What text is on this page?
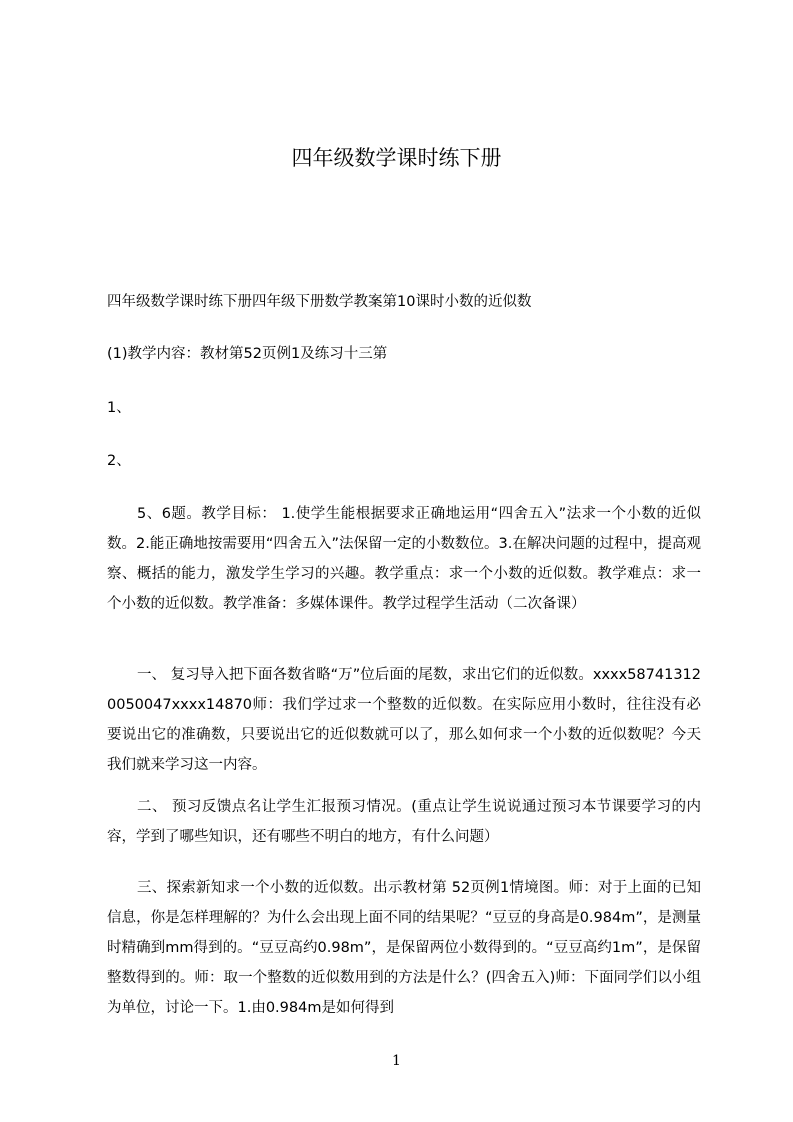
四年级数学课时练下册
四年级数学课时练下册四年级下册数学教案第10课时小数的近似数
(1)教学内容：教材第52页例1及练习十三第
1、
2、
5、6题。教学目标： 1.使学生能根据要求正确地运用“四舍五入”法求一个小数的近似数。2.能正确地按需要用“四舍五入”法保留一定的小数数位。3.在解决问题的过程中，提高观察、概括的能力，激发学生学习的兴趣。教学重点：求一个小数的近似数。教学难点：求一个小数的近似数。教学准备：多媒体课件。教学过程学生活动（二次备课）
一、 复习导入把下面各数省略“万”位后面的尾数，求出它们的近似数。xxxx587413120050047xxxx14870师：我们学过求一个整数的近似数。在实际应用小数时，往往没有必要说出它的准确数，只要说出它的近似数就可以了，那么如何求一个小数的近似数呢？今天我们就来学习这一内容。
二、 预习反馈点名让学生汇报预习情况。(重点让学生说说通过预习本节课要学习的内容，学到了哪些知识，还有哪些不明白的地方，有什么问题）
三、探索新知求一个小数的近似数。出示教材第 52页例1情境图。师：对于上面的已知信息，你是怎样理解的？为什么会出现上面不同的结果呢？“豆豆的身高是0.984m”，是测量时精确到mm得到的。“豆豆高约0.98m”，是保留两位小数得到的。“豆豆高约1m”，是保留整数得到的。师：取一个整数的近似数用到的方法是什么？(四舍五入)师：下面同学们以小组为单位，讨论一下。1.由0.984m是如何得到
1
